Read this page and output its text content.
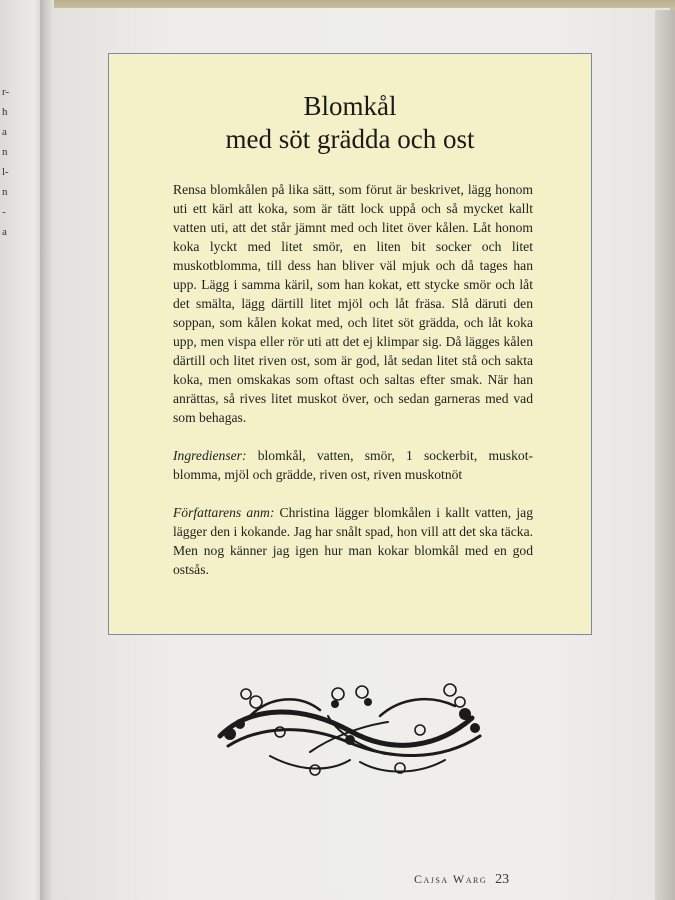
r-
h
a
n
l-
n
-
a
Blomkål
med söt grädda och ost

Rensa blomkålen på lika sätt, som förut är beskrivet, lägg honom uti ett kärl att koka, som är tätt lock uppå och så mycket kallt vatten uti, att det står jämnt med och litet över kålen. Låt honom koka lyckt med litet smör, en liten bit socker och litet muskotblomma, till dess han bliver väl mjuk och då tages han upp. Lägg i samma käril, som han kokat, ett stycke smör och låt det smälta, lägg därtill litet mjöl och låt fräsa. Slå däruti den soppan, som kålen kokat med, och litet söt grädda, och låt koka upp, men vispa eller rör uti att det ej klimpar sig. Då lägges kålen därtill och litet riven ost, som är god, låt sedan litet stå och sakta koka, men omskakas som oftast och saltas efter smak. När han anrättas, så rives litet muskot över, och sedan garneras med vad som behagas.

Ingredienser: blomkål, vatten, smör, 1 sockerbit, muskot-blomma, mjöl och grädde, riven ost, riven muskotnöt

Författarens anm: Christina lägger blomkålen i kallt vatten, jag lägger den i kokande. Jag har snålt spad, hon vill att det ska täcka. Men nog känner jag igen hur man kokar blomkål med en god ostsås.

Cajsa Warg 23
